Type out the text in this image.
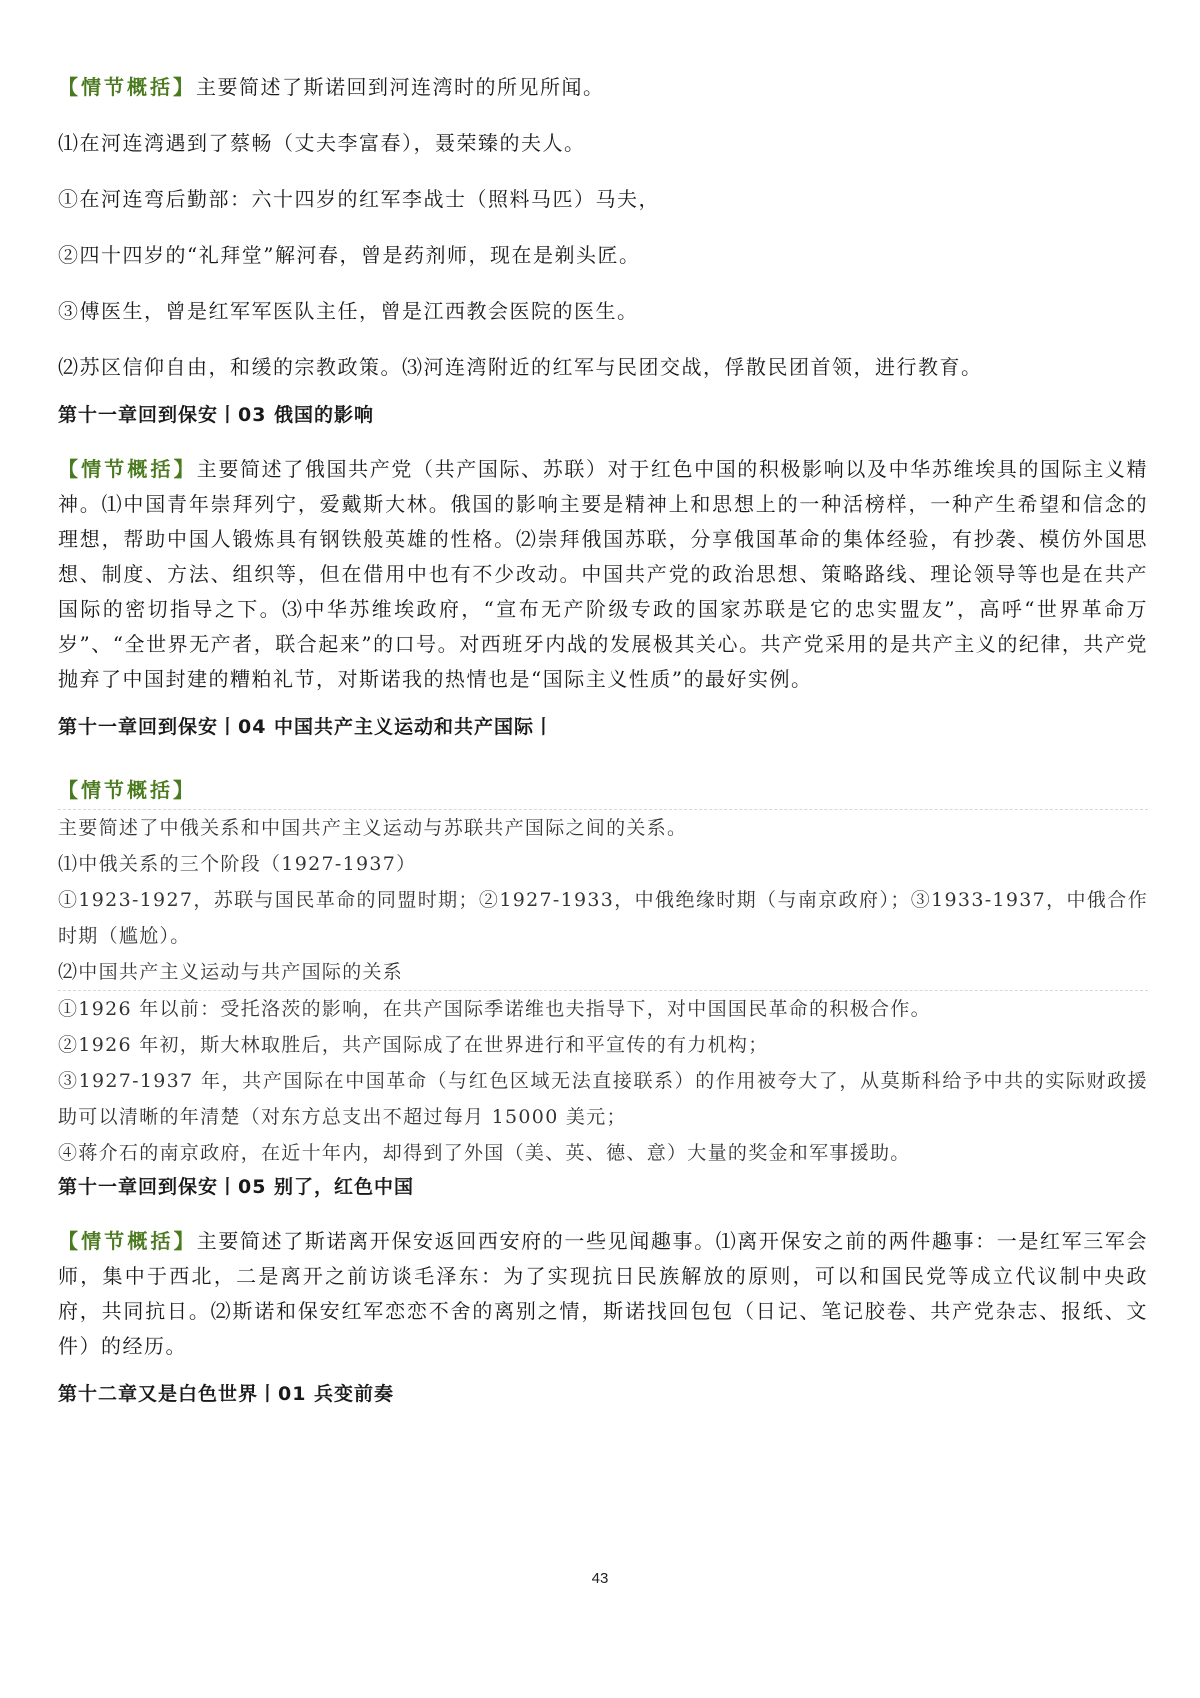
【情节概括】主要简述了斯诺回到河连湾时的所见所闻。

⑴在河连湾遇到了蔡畅（丈夫李富春），聂荣臻的夫人。

①在河连弯后勤部：六十四岁的红军李战士（照料马匹）马夫，

②四十四岁的“礼拜堂”解河春，曾是药剂师，现在是剃头匠。

③傅医生，曾是红军军医队主任，曾是江西教会医院的医生。

⑵苏区信仰自由，和缓的宗教政策。⑶河连湾附近的红军与民团交战，俘散民团首领，进行教育。

第十一章回到保安丨03 俄国的影响

【情节概括】主要简述了俄国共产党（共产国际、苏联）对于红色中国的积极影响以及中华苏维埃具的国际主义精神。⑴中国青年崇拜列宁，爱戴斯大林。俄国的影响主要是精神上和思想上的一种活榜样，一种产生希望和信念的理想，帮助中国人锻炼具有钢铁般英雄的性格。⑵崇拜俄国苏联，分享俄国革命的集体经验，有抄袭、模仿外国思想、制度、方法、组织等，但在借用中也有不少改动。中国共产党的政治思想、策略路线、理论领导等也是在共产国际的密切指导之下。⑶中华苏维埃政府，“宣布无产阶级专政的国家苏联是它的忠实盟友”，高呼“世界革命万岁”、“全世界无产者，联合起来”的口号。对西班牙内战的发展极其关心。共产党采用的是共产主义的纪律，共产党抛弃了中国封建的糟粕礼节，对斯诺我的热情也是“国际主义性质”的最好实例。

第十一章回到保安丨04 中国共产主义运动和共产国际丨

【情节概括】

主要简述了中俄关系和中国共产主义运动与苏联共产国际之间的关系。

⑴中俄关系的三个阶段（1927-1937）

①1923-1927，苏联与国民革命的同盟时期；②1927-1933，中俄绝缘时期（与南京政府）；③1933-1937，中俄合作时期（尴尬）。

⑵中国共产主义运动与共产国际的关系

①1926 年以前：受托洛茨的影响，在共产国际季诺维也夫指导下，对中国国民革命的积极合作。

②1926 年初，斯大林取胜后，共产国际成了在世界进行和平宣传的有力机构；

③1927-1937 年，共产国际在中国革命（与红色区域无法直接联系）的作用被夸大了，从莫斯科给予中共的实际财政援助可以清晰的年清楚（对东方总支出不超过每月 15000 美元；

④蒋介石的南京政府，在近十年内，却得到了外国（美、英、德、意）大量的奖金和军事援助。

第十一章回到保安丨05 别了，红色中国

【情节概括】主要简述了斯诺离开保安返回西安府的一些见闻趣事。⑴离开保安之前的两件趣事：一是红军三军会师，集中于西北，二是离开之前访谈毛泽东：为了实现抗日民族解放的原则，可以和国民党等成立代议制中央政府，共同抗日。⑵斯诺和保安红军恋恋不舍的离别之情，斯诺找回包包（日记、笔记胶卷、共产党杂志、报纸、文件）的经历。

第十二章又是白色世界丨01 兵变前奏

43
